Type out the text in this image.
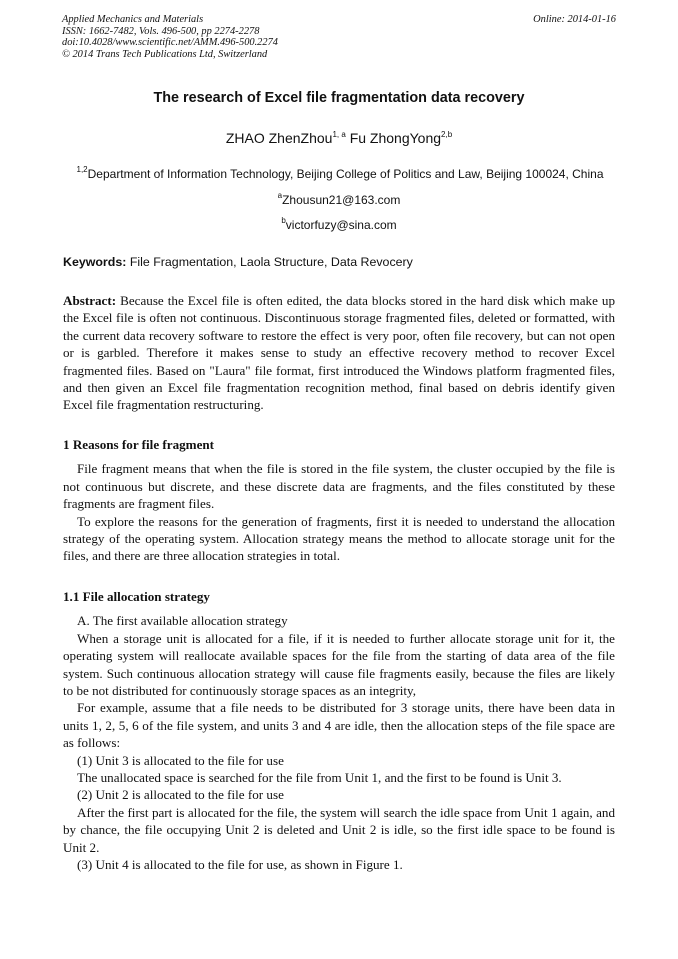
Applied Mechanics and Materials
ISSN: 1662-7482, Vols. 496-500, pp 2274-2278
doi:10.4028/www.scientific.net/AMM.496-500.2274
© 2014 Trans Tech Publications Ltd, Switzerland
Online: 2014-01-16
The research of Excel file fragmentation data recovery
ZHAO ZhenZhou$^{1, a}$ Fu ZhongYong$^{2,b}$
$^{1,2}$Department of Information Technology, Beijing College of Politics and Law, Beijing 100024, China
$^a$Zhousun21@163.com
$^b$victorfuzy@sina.com
Keywords: File Fragmentation, Laola Structure, Data Revocery

Abstract: Because the Excel file is often edited, the data blocks stored in the hard disk which make up the Excel file is often not continuous. Discontinuous storage fragmented files, deleted or formatted, with the current data recovery software to restore the effect is very poor, often file recovery, but can not open or is garbled. Therefore it makes sense to study an effective recovery method to recover Excel fragmented files. Based on "Laura" file format, first introduced the Windows platform fragmented files, and then given an Excel file fragmentation recognition method, final based on debris identify given Excel file fragmentation restructuring.

1 Reasons for file fragment

File fragment means that when the file is stored in the file system, the cluster occupied by the file is not continuous but discrete, and these discrete data are fragments, and the files constituted by these fragments are fragment files.

To explore the reasons for the generation of fragments, first it is needed to understand the allocation strategy of the operating system. Allocation strategy means the method to allocate storage unit for the files, and there are three allocation strategies in total.

1.1 File allocation strategy

A. The first available allocation strategy

When a storage unit is allocated for a file, if it is needed to further allocate storage unit for it, the operating system will reallocate available spaces for the file from the starting of data area of the file system. Such continuous allocation strategy will cause file fragments easily, because the files are likely to be not distributed for continuously storage spaces as an integrity,

For example, assume that a file needs to be distributed for 3 storage units, there have been data in units 1, 2, 5, 6 of the file system, and units 3 and 4 are idle, then the allocation steps of the file space are as follows:

(1) Unit 3 is allocated to the file for use

The unallocated space is searched for the file from Unit 1, and the first to be found is Unit 3.

(2) Unit 2 is allocated to the file for use

After the first part is allocated for the file, the system will search the idle space from Unit 1 again, and by chance, the file occupying Unit 2 is deleted and Unit 2 is idle, so the first idle space to be found is Unit 2.

(3) Unit 4 is allocated to the file for use, as shown in Figure 1.
